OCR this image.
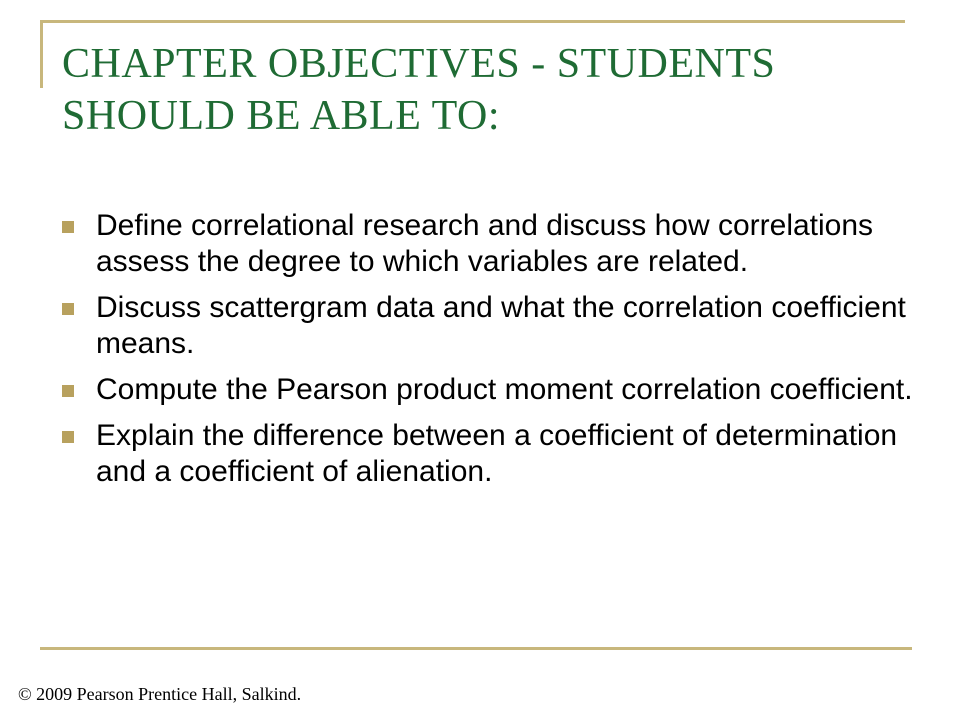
CHAPTER OBJECTIVES - STUDENTS
SHOULD BE ABLE TO:
Define correlational research and discuss how correlations assess the degree to which variables are related.
Discuss scattergram data and what the correlation coefficient means.
Compute the Pearson product moment correlation coefficient.
Explain the difference between a coefficient of determination and a coefficient of alienation.
© 2009 Pearson Prentice Hall, Salkind.
